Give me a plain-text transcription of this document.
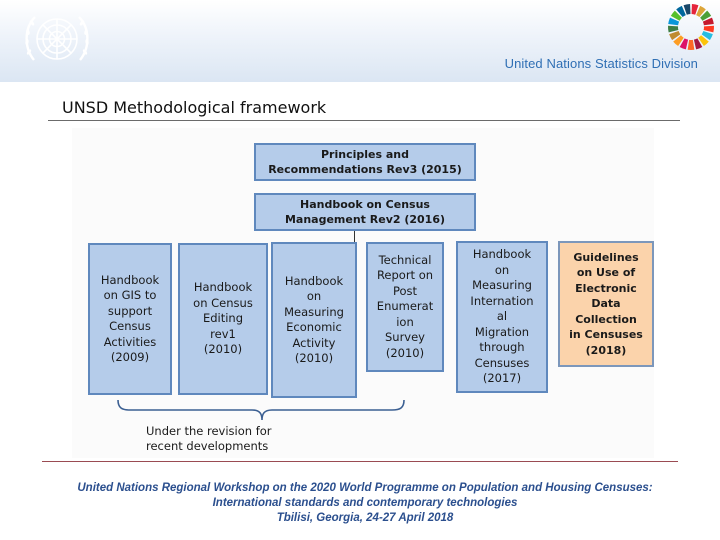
United Nations Statistics Division
UNSD Methodological framework
Principles and
Recommendations Rev3 (2015)
Handbook on Census
Management Rev2 (2016)
Handbook
on GIS to
support
Census
Activities
(2009)
Handbook
on Census
Editing
rev1
(2010)
Handbook
on
Measuring
Economic
Activity
(2010)
Technical
Report on
Post
Enumerat
ion
Survey
(2010)
Handbook
on
Measuring
Internation
al
Migration
through
Censuses
(2017)
Guidelines
on Use of
Electronic
Data
Collection
in Censuses
(2018)
Under the revision for
recent developments
United Nations Regional Workshop on the 2020 World Programme on Population and Housing Censuses:
International standards and contemporary technologies
Tbilisi, Georgia, 24-27 April 2018
